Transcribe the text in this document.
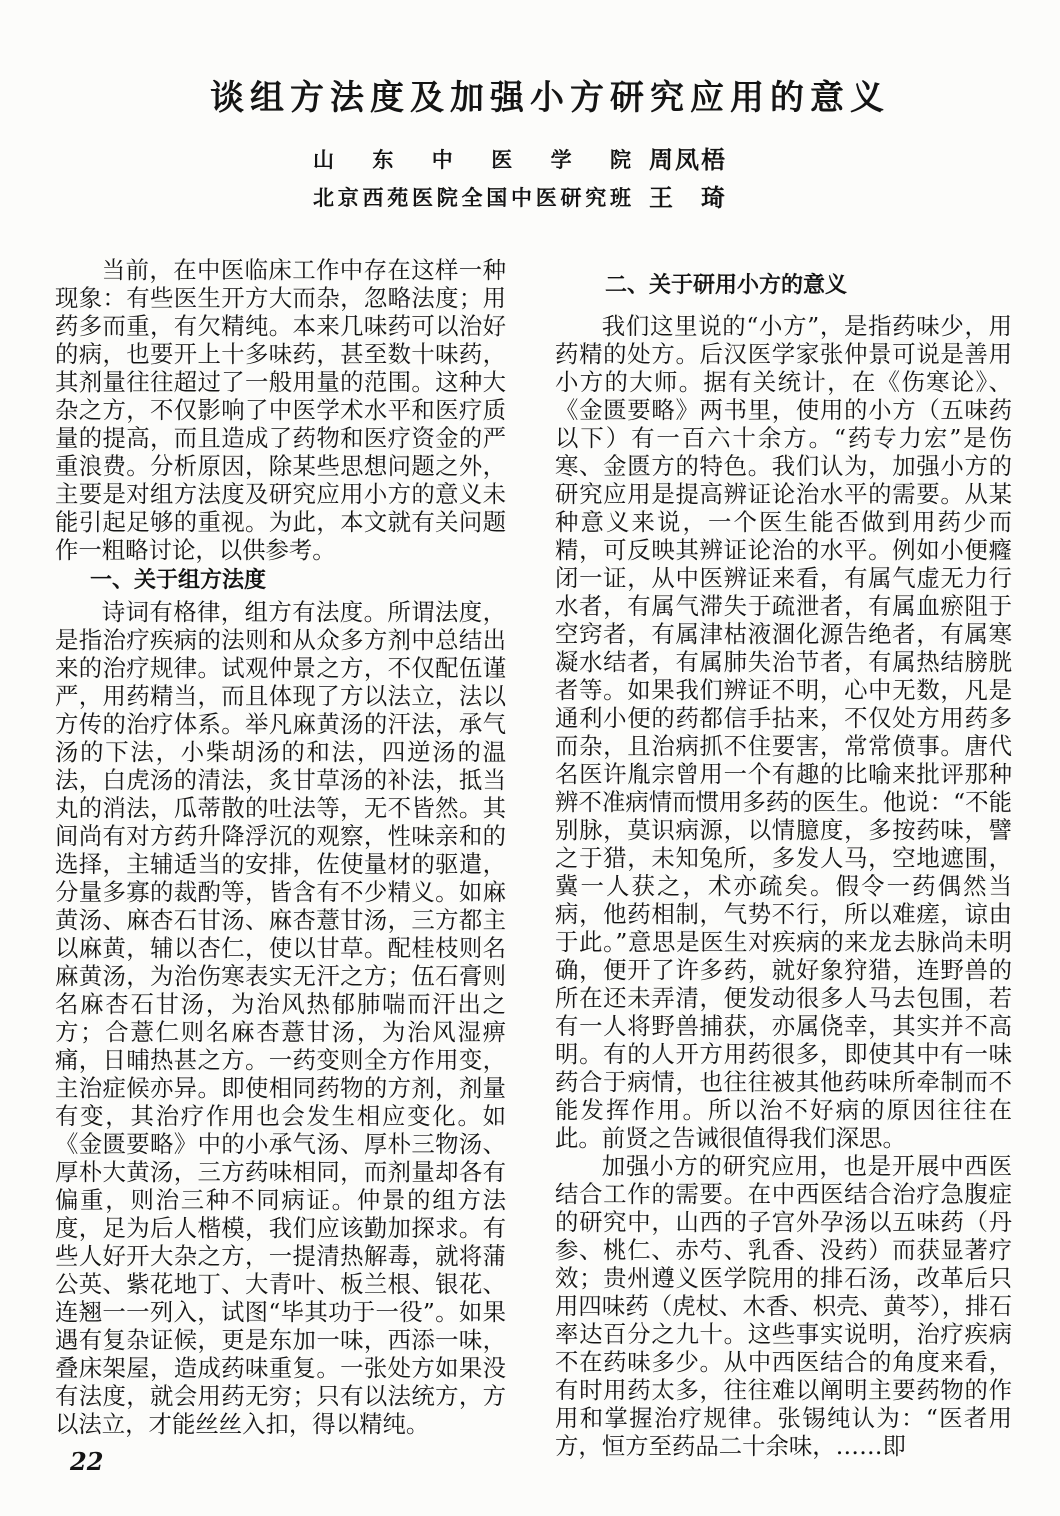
谈组方法度及加强小方研究应用的意义
山 东 中 医 学 院 周凤梧
北京西苑医院全国中医研究班 王 琦

当前，在中医临床工作中存在这样一种现象：有些医生开方大而杂，忽略法度；用药多而重，有欠精纯。本来几味药可以治好的病，也要开上十多味药，甚至数十味药，其剂量往往超过了一般用量的范围。这种大杂之方，不仅影响了中医学术水平和医疗质量的提高，而且造成了药物和医疗资金的严重浪费。分析原因，除某些思想问题之外，主要是对组方法度及研究应用小方的意义未能引起足够的重视。为此，本文就有关问题作一粗略讨论，以供参考。

一、关于组方法度

诗词有格律，组方有法度。所谓法度，是指治疗疾病的法则和从众多方剂中总结出来的治疗规律。试观仲景之方，不仅配伍谨严，用药精当，而且体现了方以法立，法以方传的治疗体系。举凡麻黄汤的汗法，承气汤的下法，小柴胡汤的和法，四逆汤的温法，白虎汤的清法，炙甘草汤的补法，抵当丸的消法，瓜蒂散的吐法等，无不皆然。其间尚有对方药升降浮沉的观察，性味亲和的选择，主辅适当的安排，佐使量材的驱遣，分量多寡的裁酌等，皆含有不少精义。如麻黄汤、麻杏石甘汤、麻杏薏甘汤，三方都主以麻黄，辅以杏仁，使以甘草。配桂枝则名麻黄汤，为治伤寒表实无汗之方；伍石膏则名麻杏石甘汤，为治风热郁肺喘而汗出之方；合薏仁则名麻杏薏甘汤，为治风湿痹痛，日晡热甚之方。一药变则全方作用变，主治症候亦异。即使相同药物的方剂，剂量有变，其治疗作用也会发生相应变化。如《金匮要略》中的小承气汤、厚朴三物汤、厚朴大黄汤，三方药味相同，而剂量却各有偏重，则治三种不同病证。仲景的组方法度，足为后人楷模，我们应该勤加探求。有些人好开大杂之方，一提清热解毒，就将蒲公英、紫花地丁、大青叶、板兰根、银花、连翘一一列入，试图“毕其功于一役”。如果遇有复杂证候，更是东加一味，西添一味，叠床架屋，造成药味重复。一张处方如果没有法度，就会用药无穷；只有以法统方，方以法立，才能丝丝入扣，得以精纯。

二、关于研用小方的意义

我们这里说的“小方”，是指药味少，用药精的处方。后汉医学家张仲景可说是善用小方的大师。据有关统计，在《伤寒论》、《金匮要略》两书里，使用的小方（五味药以下）有一百六十余方。“药专力宏”是伤寒、金匮方的特色。我们认为，加强小方的研究应用是提高辨证论治水平的需要。从某种意义来说，一个医生能否做到用药少而精，可反映其辨证论治的水平。例如小便癃闭一证，从中医辨证来看，有属气虚无力行水者，有属气滞失于疏泄者，有属血瘀阻于空窍者，有属津枯液涸化源告绝者，有属寒凝水结者，有属肺失治节者，有属热结膀胱者等。如果我们辨证不明，心中无数，凡是通利小便的药都信手拈来，不仅处方用药多而杂，且治病抓不住要害，常常偾事。唐代名医许胤宗曾用一个有趣的比喻来批评那种辨不准病情而惯用多药的医生。他说：“不能别脉，莫识病源，以情臆度，多按药味，譬之于猎，未知兔所，多发人马，空地遮围，冀一人获之，术亦疏矣。假令一药偶然当病，他药相制，气势不行，所以难瘥，谅由于此。”意思是医生对疾病的来龙去脉尚未明确，便开了许多药，就好象狩猎，连野兽的所在还未弄清，便发动很多人马去包围，若有一人将野兽捕获，亦属侥幸，其实并不高明。有的人开方用药很多，即使其中有一味药合于病情，也往往被其他药味所牵制而不能发挥作用。所以治不好病的原因往往在此。前贤之告诫很值得我们深思。

加强小方的研究应用，也是开展中西医结合工作的需要。在中西医结合治疗急腹症的研究中，山西的子宫外孕汤以五味药（丹参、桃仁、赤芍、乳香、没药）而获显著疗效；贵州遵义医学院用的排石汤，改革后只用四味药（虎杖、木香、枳壳、黄芩），排石率达百分之九十。这些事实说明，治疗疾病不在药味多少。从中西医结合的角度来看，有时用药太多，往往难以阐明主要药物的作用和掌握治疗规律。张锡纯认为：“医者用方，恒方至药品二十余味，……即

22
